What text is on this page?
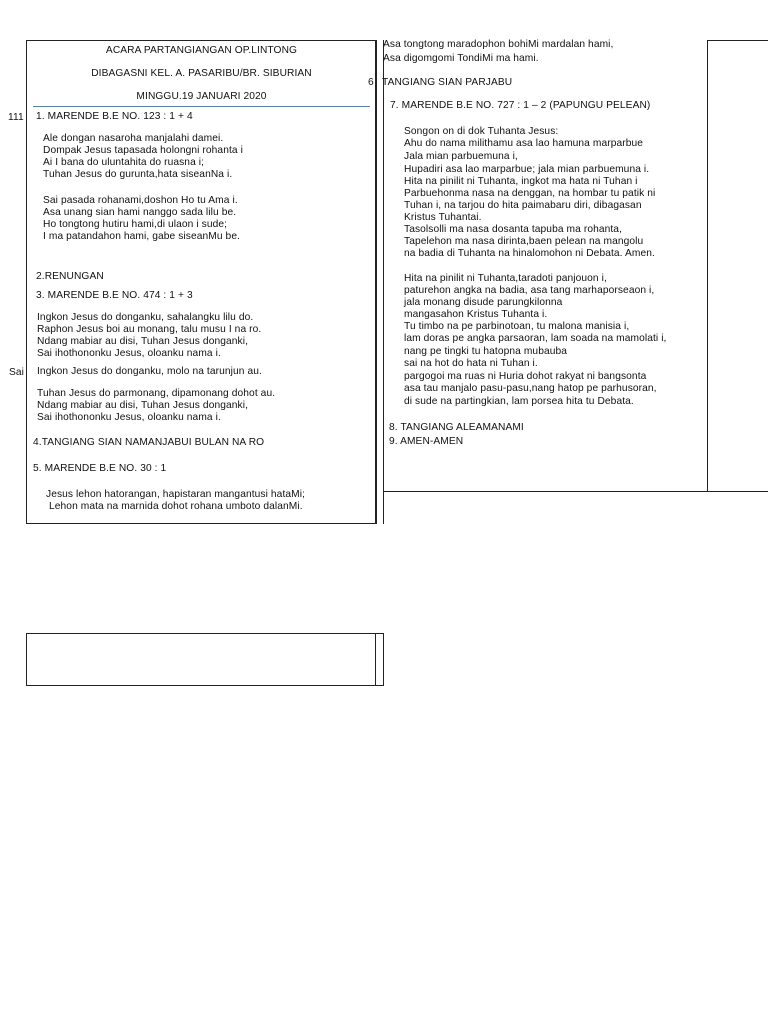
ACARA PARTANGIANGAN OP.LINTONG
DIBAGASNI KEL. A. PASARIBU/BR. SIBURIAN
MINGGU.19 JANUARI 2020
111
Sai
6
1. MARENDE B.E NO. 123 : 1 + 4
Ale dongan nasaroha manjalahi damei.
Dompak Jesus tapasada holongni rohanta i
Ai I bana do uluntahita do ruasna i;
Tuhan Jesus do gurunta,hata siseanNa i.
Sai pasada rohanami,doshon Ho tu Ama i.
Asa unang sian hami nanggo sada lilu be.
Ho tongtong hutiru hami,di ulaon i sude;
I ma patandahon hami, gabe siseanMu be.
2.RENUNGAN
3. MARENDE B.E NO. 474 : 1 + 3
Ingkon Jesus do donganku, sahalangku lilu do.
Raphon Jesus boi au monang, talu musu I na ro.
Ndang mabiar au disi, Tuhan Jesus donganki,
Sai ihothononku Jesus, oloanku nama i.
Ingkon Jesus do donganku, molo na tarunjun au.
Tuhan Jesus do parmonang, dipamonang dohot au.
Ndang mabiar au disi, Tuhan Jesus donganki,
Sai ihothononku Jesus, oloanku nama i.
4.TANGIANG SIAN NAMANJABUI BULAN NA RO
5. MARENDE B.E NO. 30 : 1
Jesus lehon hatorangan, hapistaran mangantusi hataMi;
Lehon mata na marnida dohot rohana umboto dalanMi.
Asa tongtong maradophon bohiMi mardalan hami,
Asa digomgomi TondiMi ma hami.
TANGIANG SIAN PARJABU
7. MARENDE B.E NO. 727 : 1 – 2 (PAPUNGU PELEAN)
Songon on di dok Tuhanta Jesus:
Ahu do nama milithamu asa lao hamuna marparbue
Jala mian parbuemuna i,
Hupadiri asa lao marparbue; jala mian parbuemuna i.
Hita na pinilit ni Tuhanta, ingkot ma hata ni Tuhan i
Parbuehonma nasa na denggan, na hombar tu patik ni
Tuhan i, na tarjou do hita paimabaru diri, dibagasan
Kristus Tuhantai.
Tasolsolli ma nasa dosanta tapuba ma rohanta,
Tapelehon ma nasa dirinta,baen pelean na mangolu
na badia di Tuhanta na hinalomohon ni Debata. Amen.
Hita na pinilit ni Tuhanta,taradoti panjouon i,
paturehon angka na badia, asa tang marhaporseaon i,
jala monang disude parungkilonna
mangasahon Kristus Tuhanta i.
Tu timbo na pe parbinotoan, tu malona manisia i,
lam doras pe angka parsaoran, lam soada na mamolati i,
nang pe tingki tu hatopna mubauba
sai na hot do hata ni Tuhan i.
pargogoi ma ruas ni Huria dohot rakyat ni bangsonta
asa tau manjalo pasu-pasu,nang hatop pe parhusoran,
di sude na partingkian, lam porsea hita tu Debata.
8. TANGIANG ALEAMANAMI
9. AMEN-AMEN
